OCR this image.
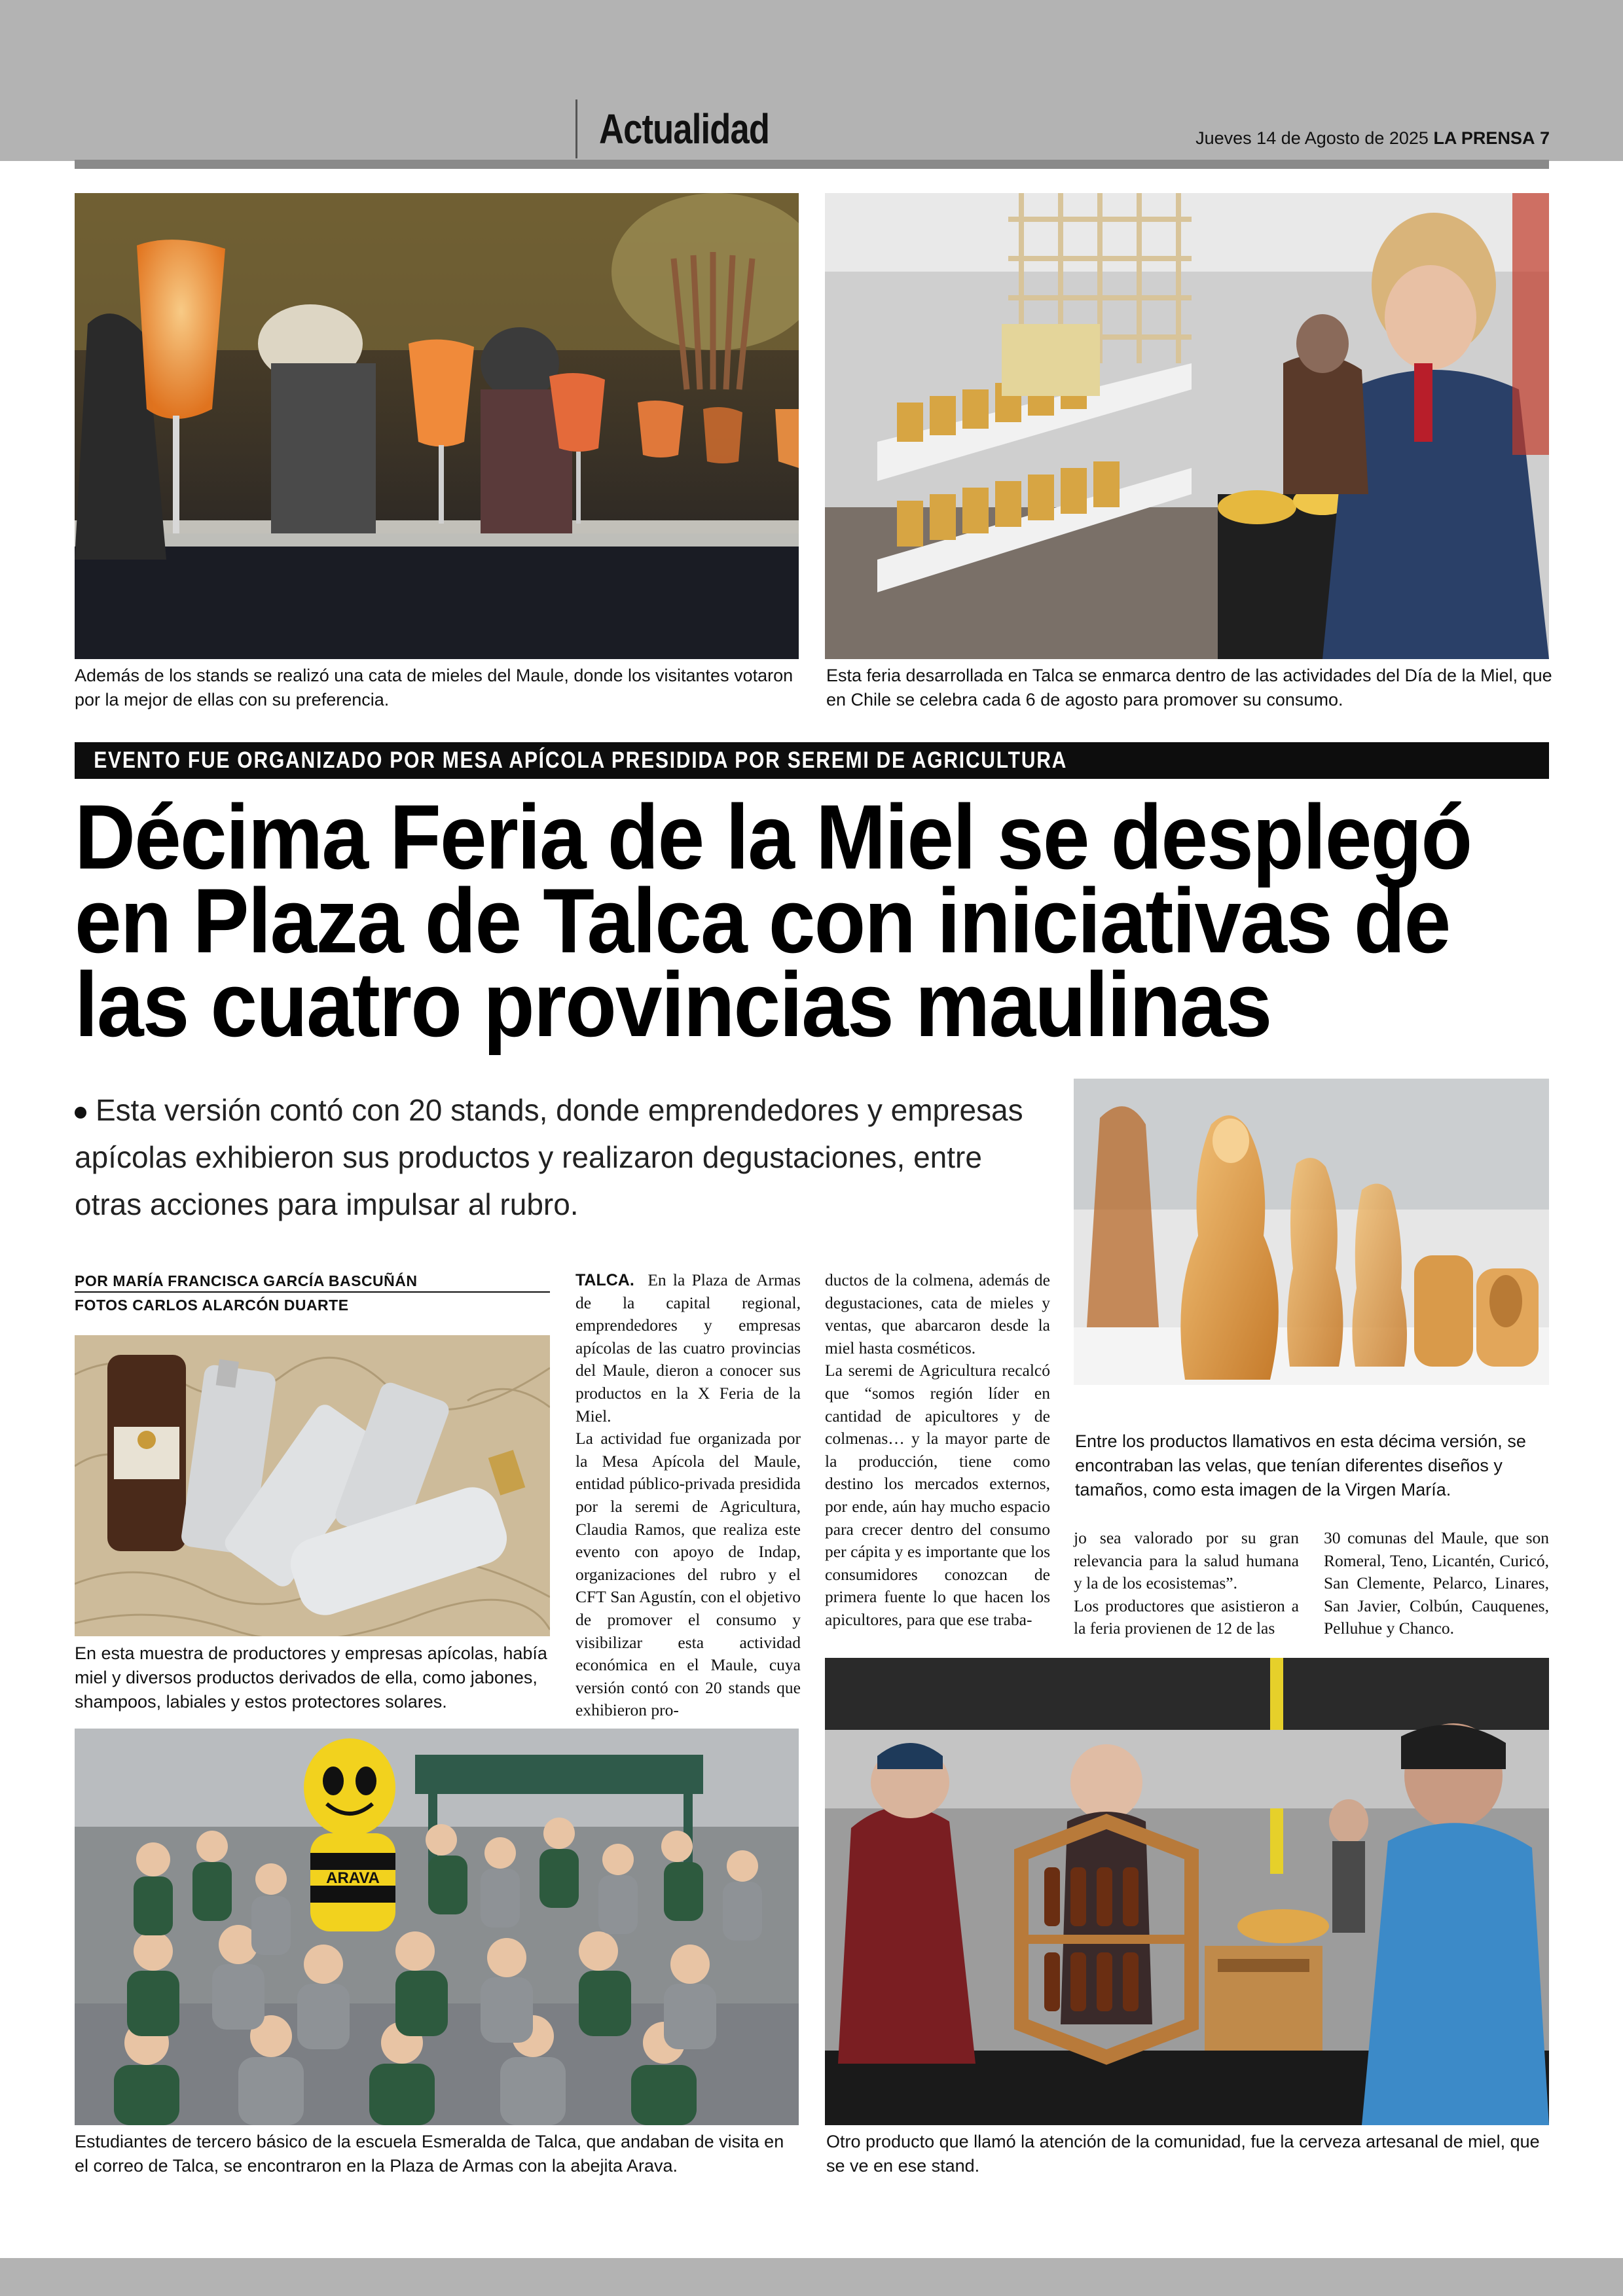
Actualidad	Jueves 14 de Agosto de 2025 LA PRENSA 7
Además de los stands se realizó una cata de mieles del Maule, donde los visitantes votaron por la mejor de ellas con su preferencia.
Esta feria desarrollada en Talca se enmarca dentro de las actividades del Día de la Miel, que en Chile se celebra cada 6 de agosto para promover su consumo.
EVENTO FUE ORGANIZADO POR MESA APÍCOLA PRESIDIDA POR SEREMI DE AGRICULTURA
Décima Feria de la Miel se desplegó
en Plaza de Talca con iniciativas de
las cuatro provincias maulinas
Esta versión contó con 20 stands, donde emprendedores y empresas apícolas exhibieron sus productos y realizaron degustaciones, entre otras acciones para impulsar al rubro.
Entre los productos llamativos en esta décima versión, se encontraban las velas, que tenían diferentes diseños y tamaños, como esta imagen de la Virgen María.
POR MARÍA FRANCISCA GARCÍA BASCUÑÁN
FOTOS CARLOS ALARCÓN DUARTE
En esta muestra de productores y empresas apícolas, había miel y diversos productos derivados de ella, como jabones, shampoos, labiales y estos protectores solares.

TALCA. En la Plaza de Armas de la capital regional, emprendedores y empresas apícolas de las cuatro provincias del Maule, dieron a conocer sus productos en la X Feria de la Miel.

La actividad fue organizada por la Mesa Apícola del Maule, entidad público-privada presidida por la seremi de Agricultura, Claudia Ramos, que realiza este evento con apoyo de Indap, organizaciones del rubro y el CFT San Agustín, con el objetivo de promover el consumo y visibilizar esta actividad económica en el Maule, cuya versión contó con 20 stands que exhibieron pro-

ductos de la colmena, además de degustaciones, cata de mieles y ventas, que abarcaron desde la miel hasta cosméticos.

La seremi de Agricultura recalcó que “somos región líder en cantidad de apicultores y de colmenas… y la mayor parte de la producción, tiene como destino los mercados externos, por ende, aún hay mucho espacio para crecer dentro del consumo per cápita y es importante que los consumidores conozcan de primera fuente lo que hacen los apicultores, para que ese traba-

jo sea valorado por su gran relevancia para la salud humana y la de los ecosistemas”.

Los productores que asistieron a la feria provienen de 12 de las

30 comunas del Maule, que son Romeral, Teno, Licantén, Curicó, San Clemente, Pelarco, Linares, San Javier, Colbún, Cauquenes, Pelluhue y Chanco.

ARAVA
Estudiantes de tercero básico de la escuela Esmeralda de Talca, que andaban de visita en el correo de Talca, se encontraron en la Plaza de Armas con la abejita Arava.
Otro producto que llamó la atención de la comunidad, fue la cerveza artesanal de miel, que se ve en ese stand.
